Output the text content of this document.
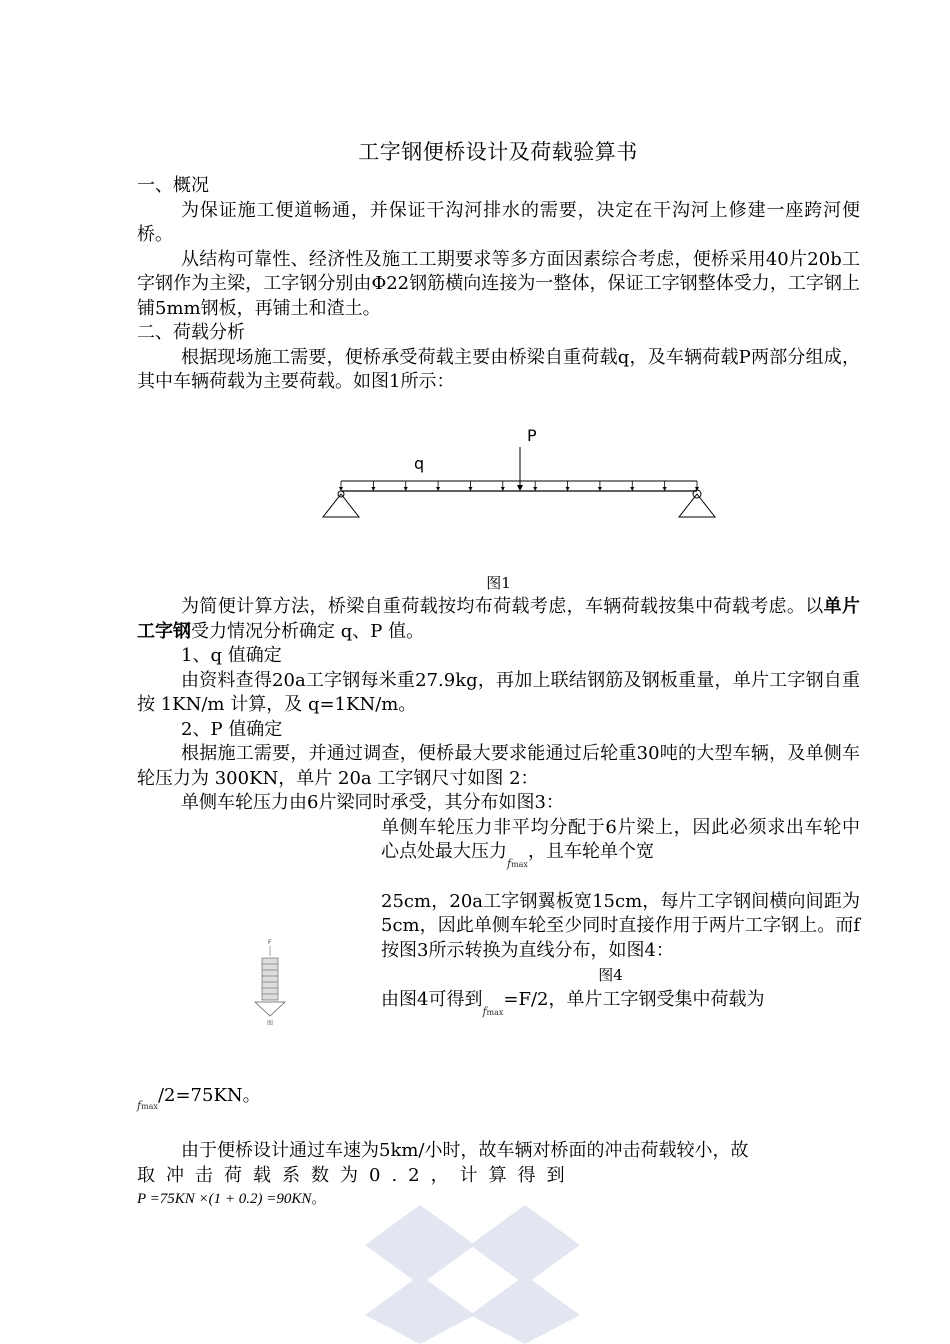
工字钢便桥设计及荷载验算书

一、概况

为保证施工便道畅通，并保证干沟河排水的需要，决定在干沟河上修建一座跨河便桥。

从结构可靠性、经济性及施工工期要求等多方面因素综合考虑，便桥采用40片20b工字钢作为主梁，工字钢分别由Φ22钢筋横向连接为一整体，保证工字钢整体受力，工字钢上铺5mm钢板，再铺土和渣土。

二、荷载分析

根据现场施工需要，便桥承受荷载主要由桥梁自重荷载q，及车辆荷载P两部分组成，其中车辆荷载为主要荷载。如图1所示：

P
q

图1

为简便计算方法，桥梁自重荷载按均布荷载考虑，车辆荷载按集中荷载考虑。以单片工字钢受力情况分析确定 q、P 值。

1、q 值确定

由资料查得20a工字钢每米重27.9kg，再加上联结钢筋及钢板重量，单片工字钢自重按 1KN/m 计算，及 q=1KN/m。

2、P 值确定

根据施工需要，并通过调查，便桥最大要求能通过后轮重30吨的大型车辆，及单侧车轮压力为 300KN，单片 20a 工字钢尺寸如图 2：

单侧车轮压力由6片梁同时承受，其分布如图3：

F
图

单侧车轮压力非平均分配于6片梁上，因此必须求出车轮中心点处最大压力$_{fmax}$，且车轮单个宽

25cm，20a工字钢翼板宽15cm，每片工字钢间横向间距为5cm，因此单侧车轮至少同时直接作用于两片工字钢上。而f按图3所示转换为直线分布，如图4：

图4

由图4可得到$_{fmax}$=F/2，单片工字钢受集中荷载为

$_{fmax}$/2=75KN。

由于便桥设计通过车速为5km/小时，故车辆对桥面的冲击荷载较小，故

取冲击荷载系数为0.2，计算得到

P =75KN ×(1 + 0.2) =90KN。
